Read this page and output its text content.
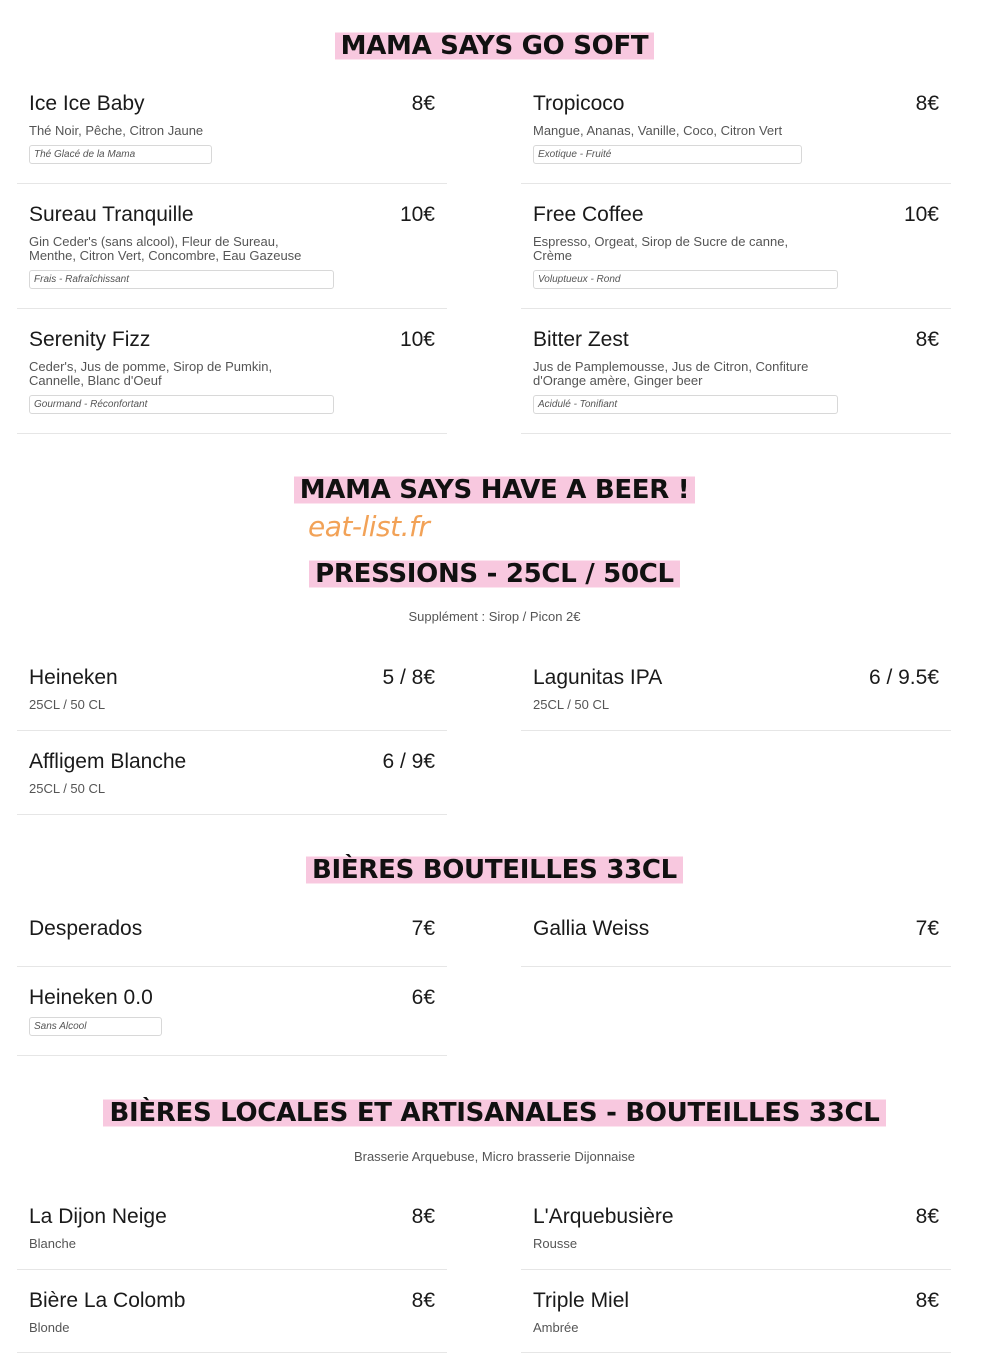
MAMA SAYS GO SOFT
Ice Ice Baby	8€
Thé Noir, Pêche, Citron Jaune
Thé Glacé de la Mama
Tropicoco	8€
Mangue, Ananas, Vanille, Coco, Citron Vert
Exotique - Fruité
Sureau Tranquille	10€
Gin Ceder's (sans alcool), Fleur de Sureau,
Menthe, Citron Vert, Concombre, Eau Gazeuse
Frais - Rafraîchissant
Free Coffee	10€
Espresso, Orgeat, Sirop de Sucre de canne,
Crème
Voluptueux - Rond
Serenity Fizz	10€
Ceder's, Jus de pomme, Sirop de Pumkin,
Cannelle, Blanc d'Oeuf
Gourmand - Réconfortant
Bitter Zest	8€
Jus de Pamplemousse, Jus de Citron, Confiture
d'Orange amère, Ginger beer
Acidulé - Tonifiant
MAMA SAYS HAVE A BEER !
eat-list.fr
PRESSIONS - 25CL / 50CL
Supplément : Sirop / Picon 2€
Heineken	5 / 8€
25CL / 50 CL
Lagunitas IPA	6 / 9.5€
25CL / 50 CL
Affligem Blanche	6 / 9€
25CL / 50 CL
BIÈRES BOUTEILLES 33CL
Desperados	7€	Gallia Weiss	7€
Heineken 0.0	6€
Sans Alcool
BIÈRES LOCALES ET ARTISANALES - BOUTEILLES 33CL
Brasserie Arquebuse, Micro brasserie Dijonnaise
La Dijon Neige	8€
Blanche
L'Arquebusière	8€
Rousse
Bière La Colomb	8€
Blonde
Triple Miel	8€
Ambrée
